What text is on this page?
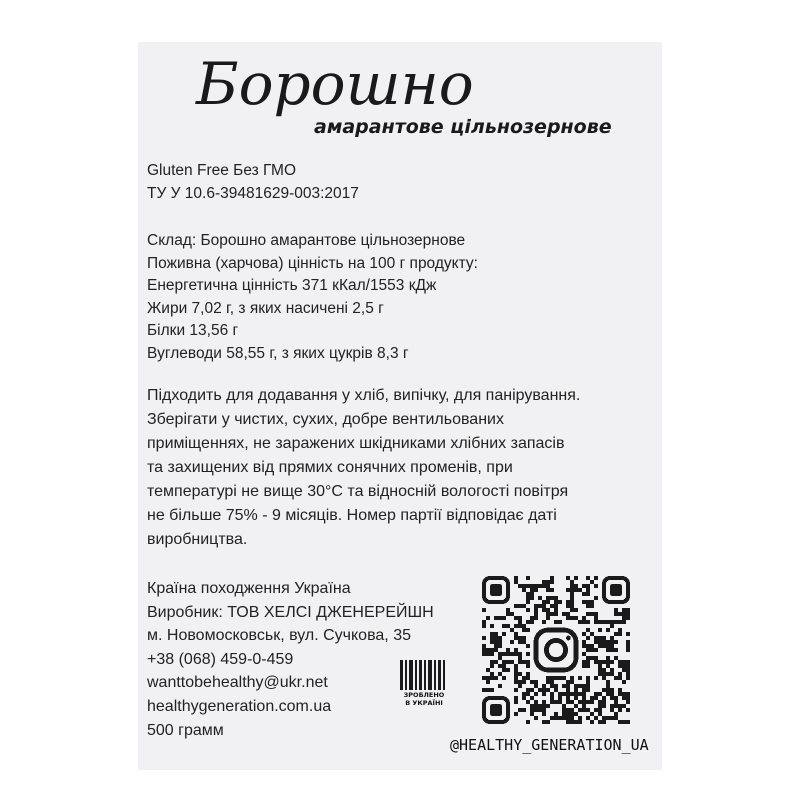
Борошно
амарантове цільнозернове
Gluten Free Без ГМО
ТУ У 10.6-39481629-003:2017
Склад: Борошно амарантове цільнозернове
Поживна (харчова) цінність на 100 г продукту:
Енергетична цінність 371 кКал/1553 кДж
Жири 7,02 г, з яких насичені 2,5 г
Білки 13,56 г
Вуглеводи 58,55 г, з яких цукрів 8,3 г
Підходить для додавання у хліб, випічку, для панірування.
Зберігати у чистих, сухих, добре вентильованих
приміщеннях, не заражених шкідниками хлібних запасів
та захищених від прямих сонячних променів, при
температурі не вище 30°С та відносній вологості повітря
не більше 75% - 9 місяців. Номер партії відповідає даті
виробництва.
Країна походження Україна
Виробник: ТОВ ХЕЛСІ ДЖЕНЕРЕЙШН
м. Новомосковськ, вул. Сучкова, 35
+38 (068) 459-0-459
wanttobehealthy@ukr.net
healthygeneration.com.ua
500 грамм
ЗРОБЛЕНО
В УКРАЇНІ
@HEALTHY_GENERATION_UA
